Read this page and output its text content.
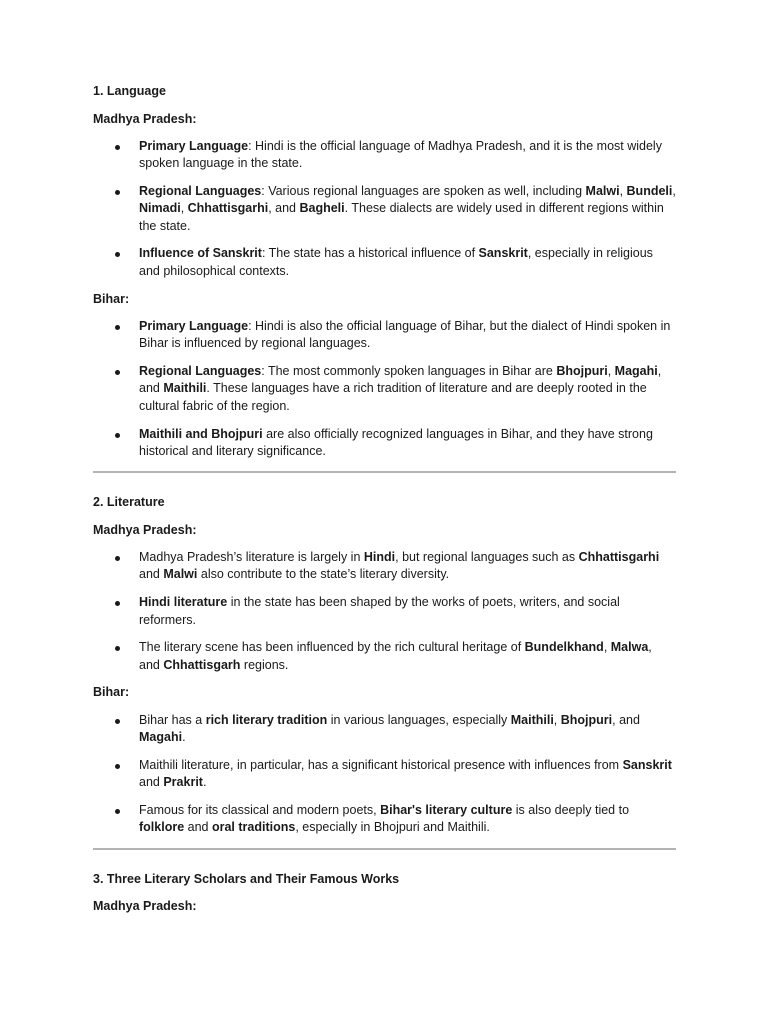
1. Language
Madhya Pradesh:
Primary Language: Hindi is the official language of Madhya Pradesh, and it is the most widely spoken language in the state.
Regional Languages: Various regional languages are spoken as well, including Malwi, Bundeli, Nimadi, Chhattisgarhi, and Bagheli. These dialects are widely used in different regions within the state.
Influence of Sanskrit: The state has a historical influence of Sanskrit, especially in religious and philosophical contexts.
Bihar:
Primary Language: Hindi is also the official language of Bihar, but the dialect of Hindi spoken in Bihar is influenced by regional languages.
Regional Languages: The most commonly spoken languages in Bihar are Bhojpuri, Magahi, and Maithili. These languages have a rich tradition of literature and are deeply rooted in the cultural fabric of the region.
Maithili and Bhojpuri are also officially recognized languages in Bihar, and they have strong historical and literary significance.
2. Literature
Madhya Pradesh:
Madhya Pradesh’s literature is largely in Hindi, but regional languages such as Chhattisgarhi and Malwi also contribute to the state’s literary diversity.
Hindi literature in the state has been shaped by the works of poets, writers, and social reformers.
The literary scene has been influenced by the rich cultural heritage of Bundelkhand, Malwa, and Chhattisgarh regions.
Bihar:
Bihar has a rich literary tradition in various languages, especially Maithili, Bhojpuri, and Magahi.
Maithili literature, in particular, has a significant historical presence with influences from Sanskrit and Prakrit.
Famous for its classical and modern poets, Bihar's literary culture is also deeply tied to folklore and oral traditions, especially in Bhojpuri and Maithili.
3. Three Literary Scholars and Their Famous Works
Madhya Pradesh:
